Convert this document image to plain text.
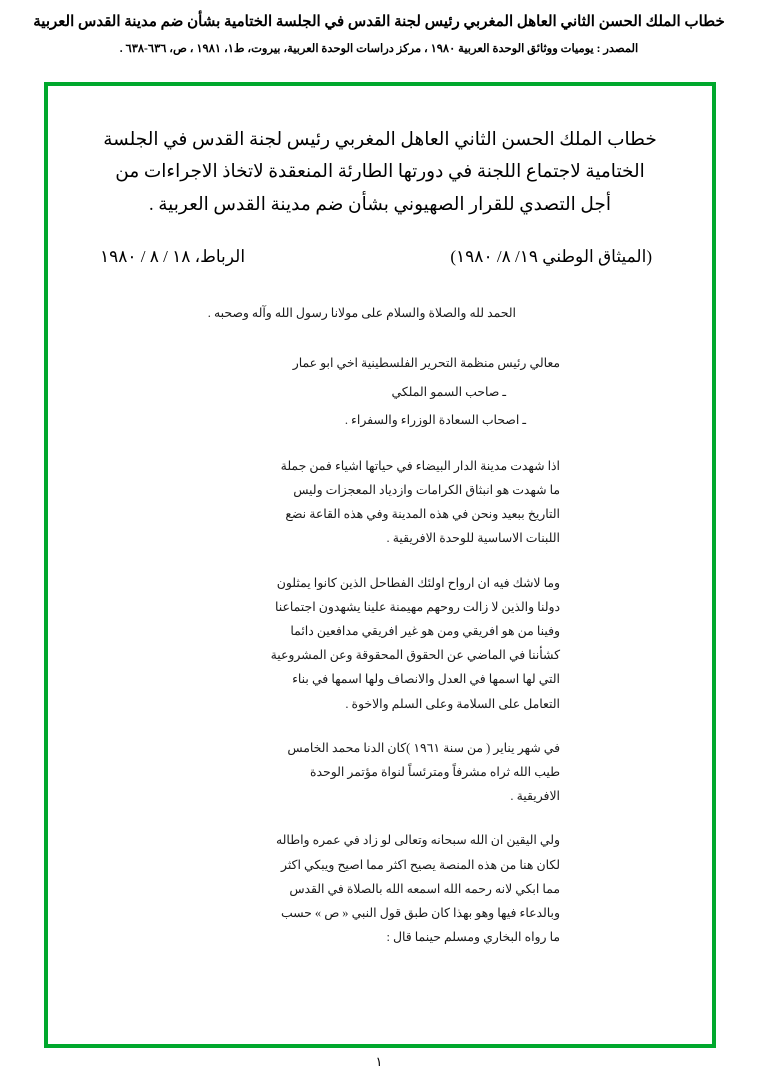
خطاب الملك الحسن الثاني العاهل المغربي رئيس لجنة القدس في الجلسة الختامية بشأن ضم مدينة القدس العربية
المصدر : يوميات ووثائق الوحدة العربية ١٩٨٠ ، مركز دراسات الوحدة العربية، بيروت، ط١، ١٩٨١ ، ص، ٦٣٦-٦٣٨ .
خطاب الملك الحسن الثاني العاهل المغربي رئيس لجنة القدس في الجلسة الختامية لاجتماع اللجنة في دورتها الطارئة المنعقدة لاتخاذ الاجراءات من أجل التصدي للقرار الصهيوني بشأن ضم مدينة القدس العربية .
(الميثاق الوطني ١٩/ ٨/ ١٩٨٠)
الرباط، ١٨ / ٨ / ١٩٨٠

الحمد لله والصلاة والسلام على مولانا رسول الله وآله وصحبه .

معالي رئيس منظمة التحرير الفلسطينية اخي ابو عمار

ـ صاحب السمو الملكي

ـ اصحاب السعادة الوزراء والسفراء .

اذا شهدت مدينة الدار البيضاء في حياتها اشياء فمن جملة ما شهدت هو انبثاق الكرامات وازدياد المعجزات وليس التاريخ ببعيد ونحن في هذه المدينة وفي هذه القاعة نضع اللبنات الاساسية للوحدة الافريقية .

وما لاشك فيه ان ارواح اولئك الفطاحل الذين كانوا يمثلون دولنا والذين لا زالت روحهم مهيمنة علينا يشهدون اجتماعنا وفينا من هو افريقي ومن هو غير افريقي مدافعين دائما كشأننا في الماضي عن الحقوق المحقوقة وعن المشروعية التي لها اسمها في العدل والانصاف ولها اسمها في بناء التعامل على السلامة وعلى السلم والاخوة .

في شهر يناير ( من سنة ١٩٦١ )كان الدنا محمد الخامس طيب الله ثراه مشرفاً ومترئساً لنواة مؤتمر الوحدة الافريقية .

ولي اليقين ان الله سبحانه وتعالى لو زاد في عمره واطاله لكان هنا من هذه المنصة يصيح اكثر مما اصيح ويبكي اكثر مما ابكي لانه رحمه الله اسمعه الله بالصلاة في القدس وبالدعاء فيها وهو بهذا كان طبق قول النبي « ص » حسب ما رواه البخاري ومسلم حينما قال :

١
